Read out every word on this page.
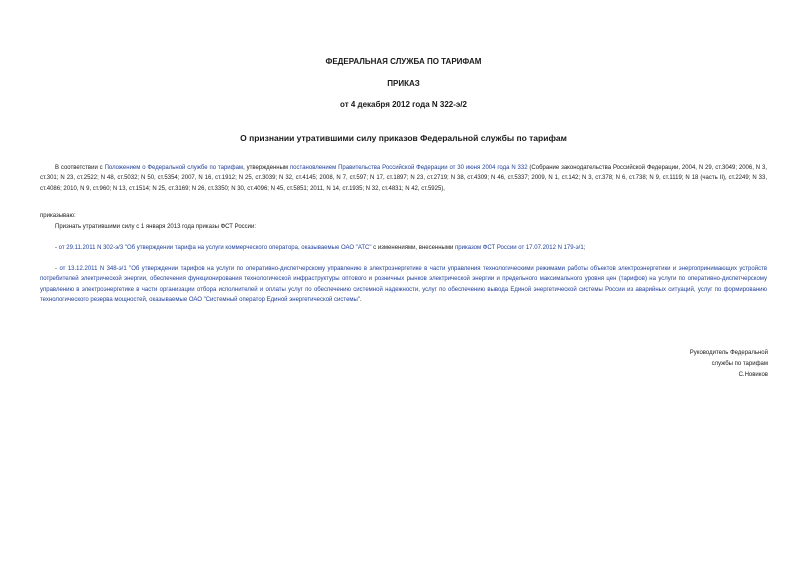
ФЕДЕРАЛЬНАЯ СЛУЖБА ПО ТАРИФАМ
ПРИКАЗ
от 4 декабря 2012 года N 322-э/2
О признании утратившими силу приказов Федеральной службы по тарифам
В соответствии с Положением о Федеральной службе по тарифам, утвержденным постановлением Правительства Российской Федерации от 30 июня 2004 года N 332 (Собрание законодательства Российской Федерации, 2004, N 29, ст.3049; 2006, N 3, ст.301; N 23, ст.2522; N 48, ст.5032; N 50, ст.5354; 2007, N 16, ст.1912; N 25, ст.3039; N 32, ст.4145; 2008, N 7, ст.597; N 17, ст.1897; N 23, ст.2719; N 38, ст.4309; N 46, ст.5337; 2009, N 1, ст.142; N 3, ст.378; N 6, ст.738; N 9, ст.1119; N 18 (часть II), ст.2249; N 33, ст.4086; 2010, N 9, ст.960; N 13, ст.1514; N 25, ст.3169; N 26, ст.3350; N 30, ст.4096; N 45, ст.5851; 2011, N 14, ст.1935; N 32, ст.4831; N 42, ст.5925),
приказываю:
Признать утратившими силу с 1 января 2013 года приказы ФСТ России:
- от 29.11.2011 N 302-э/3 "Об утверждении тарифа на услуги коммерческого оператора, оказываемые ОАО "АТС" с изменениями, внесенными приказом ФСТ России от 17.07.2012 N 179-э/1;
- от 13.12.2011 N 348-э/1 "Об утверждении тарифов на услуги по оперативно-диспетчерскому управлению в электроэнергетике в части управления технологическими режимами работы объектов электроэнергетики и энергопринимающих устройств потребителей электрической энергии, обеспечения функционирования технологической инфраструктуры оптового и розничных рынков электрической энергии и предельного максимального уровня цен (тарифов) на услуги по оперативно-диспетчерскому управлению в электроэнергетике в части организации отбора исполнителей и оплаты услуг по обеспечению системной надежности, услуг по обеспечению вывода Единой энергетической системы России из аварийных ситуаций, услуг по формированию технологического резерва мощностей, оказываемые ОАО "Системный оператор Единой энергетической системы".
Руководитель Федеральной
службы по тарифам
С.Новиков
